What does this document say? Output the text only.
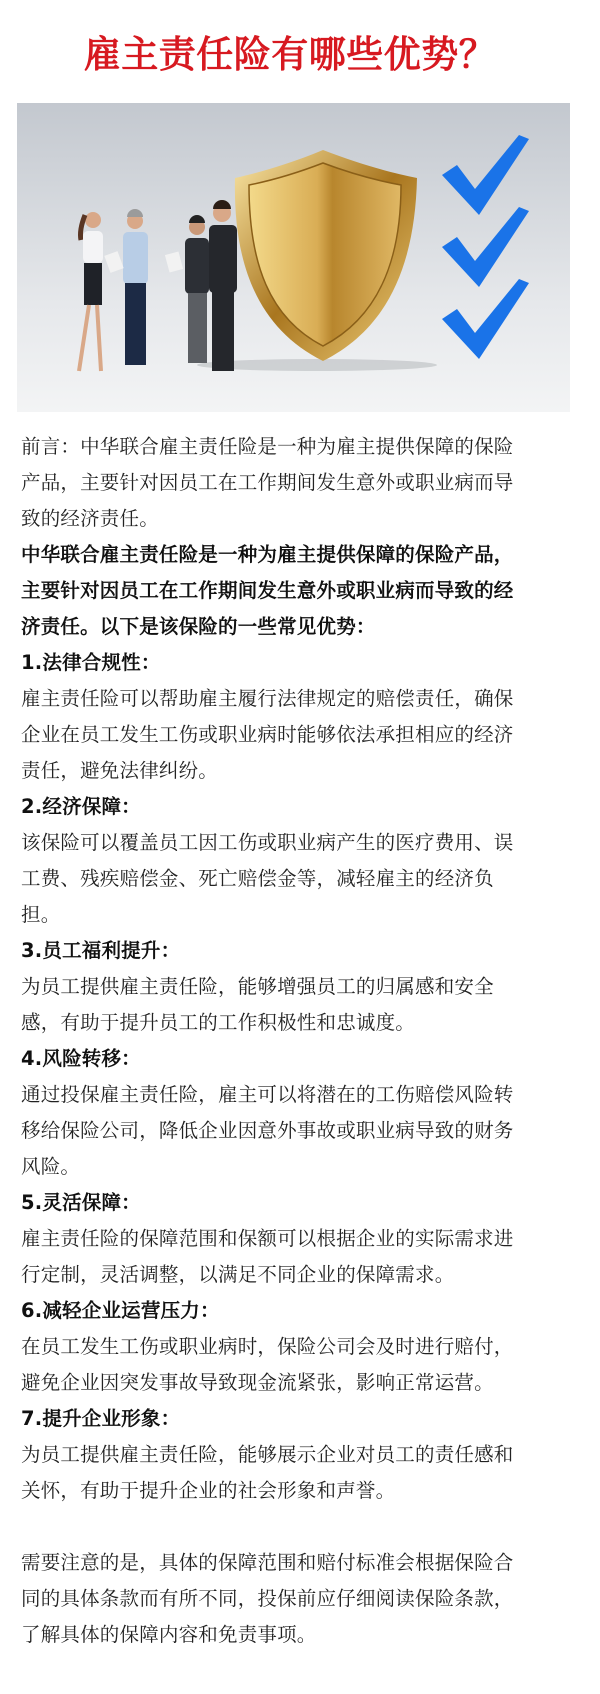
雇主责任险有哪些优势？
前言：中华联合雇主责任险是一种为雇主提供保障的保险
产品，主要针对因员工在工作期间发生意外或职业病而导
致的经济责任。
中华联合雇主责任险是一种为雇主提供保障的保险产品，
主要针对因员工在工作期间发生意外或职业病而导致的经
济责任。以下是该保险的一些常见优势：
1.法律合规性：
雇主责任险可以帮助雇主履行法律规定的赔偿责任，确保
企业在员工发生工伤或职业病时能够依法承担相应的经济
责任，避免法律纠纷。
2.经济保障：
该保险可以覆盖员工因工伤或职业病产生的医疗费用、误
工费、残疾赔偿金、死亡赔偿金等，减轻雇主的经济负
担。
3.员工福利提升：
为员工提供雇主责任险，能够增强员工的归属感和安全
感，有助于提升员工的工作积极性和忠诚度。
4.风险转移：
通过投保雇主责任险，雇主可以将潜在的工伤赔偿风险转
移给保险公司，降低企业因意外事故或职业病导致的财务
风险。
5.灵活保障：
雇主责任险的保障范围和保额可以根据企业的实际需求进
行定制，灵活调整，以满足不同企业的保障需求。
6.减轻企业运营压力：
在员工发生工伤或职业病时，保险公司会及时进行赔付，
避免企业因突发事故导致现金流紧张，影响正常运营。
7.提升企业形象：
为员工提供雇主责任险，能够展示企业对员工的责任感和
关怀，有助于提升企业的社会形象和声誉。
需要注意的是，具体的保障范围和赔付标准会根据保险合
同的具体条款而有所不同，投保前应仔细阅读保险条款，
了解具体的保障内容和免责事项。
